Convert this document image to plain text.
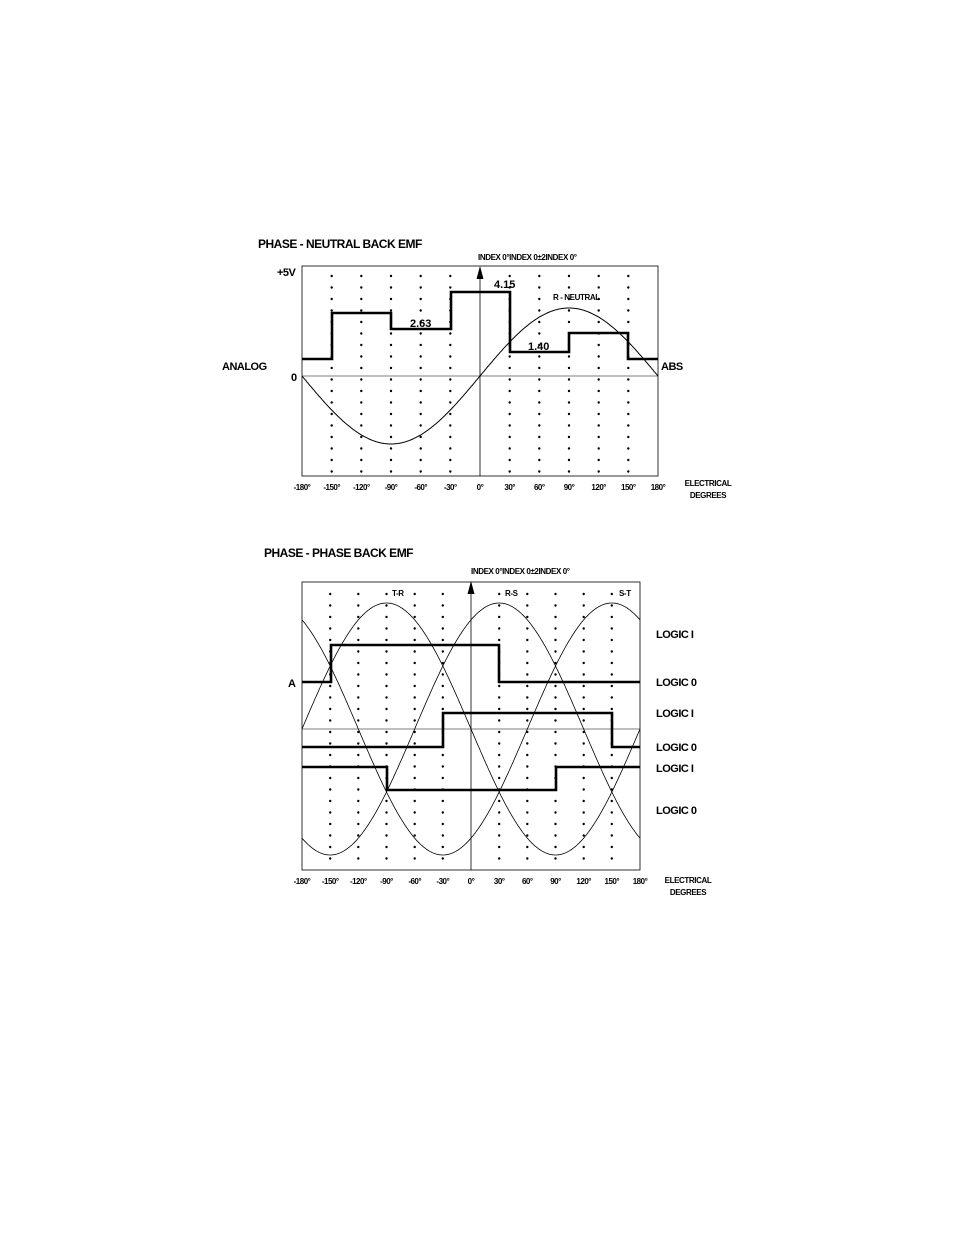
PHASE - NEUTRAL BACK EMF
INDEX 0°INDEX 0±2INDEX 0°
4.15
2.63
1.40
R - NEUTRAL
+5V
0
ANALOG	ABS
-180° -150° -120° -90° -60° -30° 0°	30° 60° 90° 120° 150° 180° ELECTRICAL
DEGREES
PHASE - PHASE BACK EMF
INDEX 0°INDEX 0±2INDEX 0°
T-R	R-S	S-T
A
LOGIC I
LOGIC 0
LOGIC I
LOGIC 0
LOGIC I
LOGIC 0
-180° -150° -120° -90° -60° -30° 0° 30° 60° 90° 120° 150° 180° ELECTRICAL
DEGREES
